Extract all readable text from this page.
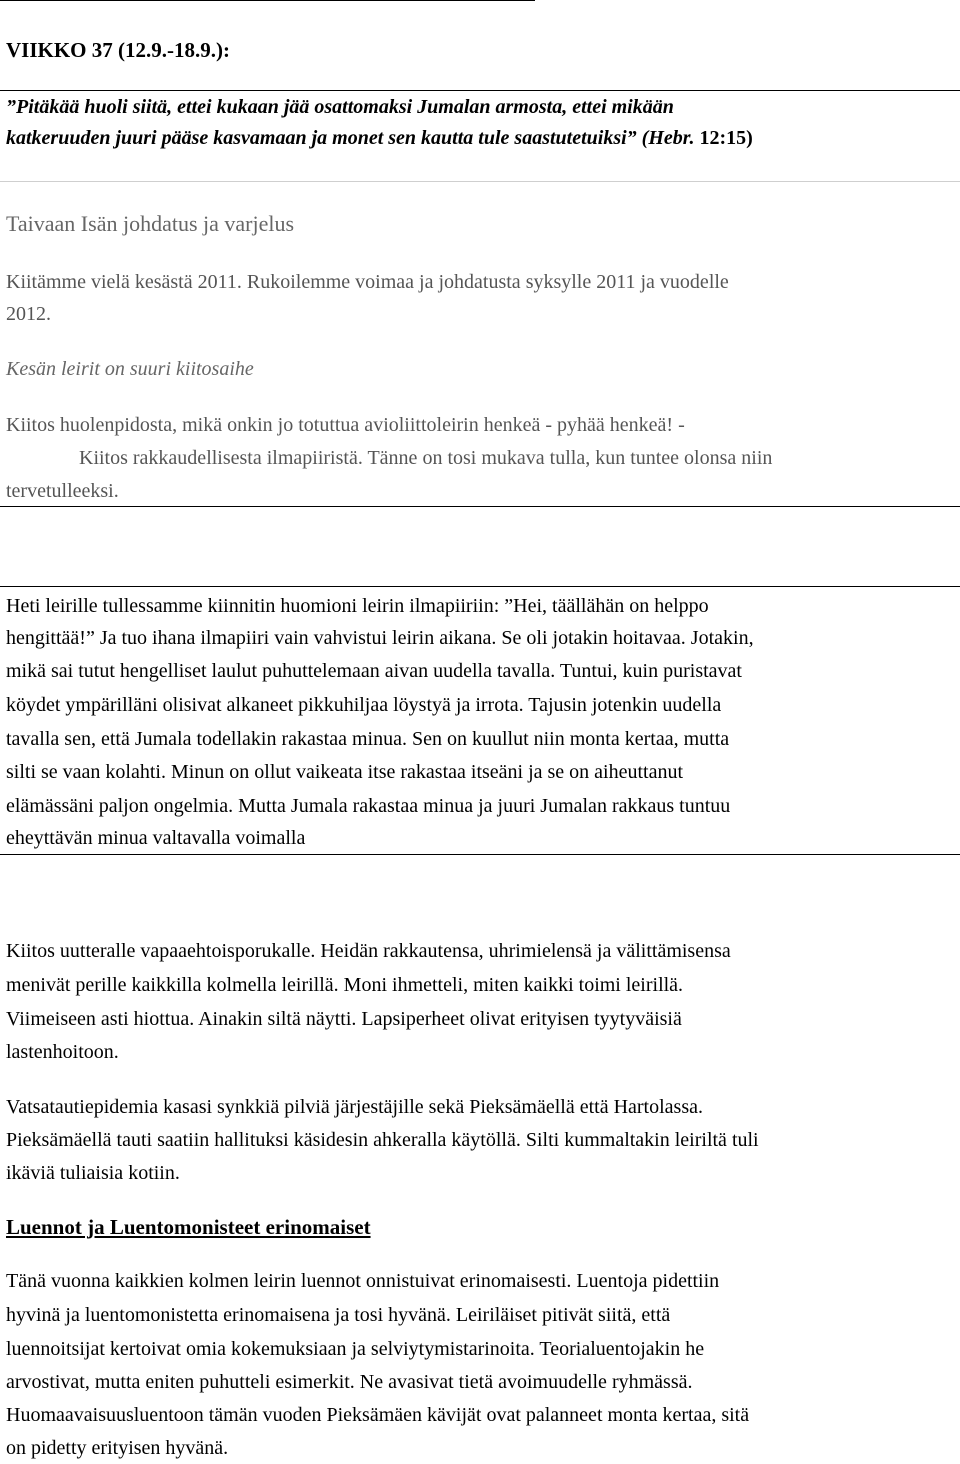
VIIKKO 37 (12.9.-18.9.):
”Pitäkää huoli siitä, ettei kukaan jää osattomaksi Jumalan armosta, ettei mikään
katkeruuden juuri pääse kasvamaan ja monet sen kautta tule saastutetuiksi” (Hebr. 12:15)
Taivaan Isän johdatus ja varjelus
Kiitämme vielä kesästä 2011. Rukoilemme voimaa ja johdatusta syksylle 2011 ja vuodelle
2012.
Kesän leirit on suuri kiitosaihe
Kiitos huolenpidosta, mikä onkin jo totuttua avioliittoleirin henkeä - pyhää henkeä! -
Kiitos rakkaudellisesta ilmapiiristä. Tänne on tosi mukava tulla, kun tuntee olonsa niin
tervetulleeksi.
Heti leirille tullessamme kiinnitin huomioni leirin ilmapiiriin: ”Hei, täällähän on helppo
hengittää!” Ja tuo ihana ilmapiiri vain vahvistui leirin aikana. Se oli jotakin hoitavaa. Jotakin,
mikä sai tutut hengelliset laulut puhuttelemaan aivan uudella tavalla. Tuntui, kuin puristavat
köydet ympärilläni olisivat alkaneet pikkuhiljaa löystyä ja irrota. Tajusin jotenkin uudella
tavalla sen, että Jumala todellakin rakastaa minua. Sen on kuullut niin monta kertaa, mutta
silti se vaan kolahti. Minun on ollut vaikeata itse rakastaa itseäni ja se on aiheuttanut
elämässäni paljon ongelmia. Mutta Jumala rakastaa minua ja juuri Jumalan rakkaus tuntuu
eheyttävän minua valtavalla voimalla
Kiitos uutteralle vapaaehtoisporukalle. Heidän rakkautensa, uhrimielensä ja välittämisensa
menivät perille kaikkilla kolmella leirillä. Moni ihmetteli, miten kaikki toimi leirillä.
Viimeiseen asti hiottua. Ainakin siltä näytti. Lapsiperheet olivat erityisen tyytyväisiä
lastenhoitoon.
Vatsatautiepidemia kasasi synkkiä pilviä järjestäjille sekä Pieksämäellä että Hartolassa.
Pieksämäellä tauti saatiin hallituksi käsidesin ahkeralla käytöllä. Silti kummaltakin leiriltä tuli
ikäviä tuliaisia kotiin.
Luennot ja Luentomonisteet erinomaiset
Tänä vuonna kaikkien kolmen leirin luennot onnistuivat erinomaisesti. Luentoja pidettiin
hyvinä ja luentomonistetta erinomaisena ja tosi hyvänä. Leiriläiset pitivät siitä, että
luennoitsijat kertoivat omia kokemuksiaan ja selviytymistarinoita. Teorialuentojakin he
arvostivat, mutta eniten puhutteli esimerkit. Ne avasivat tietä avoimuudelle ryhmässä.
Huomaavaisuusluentoon tämän vuoden Pieksämäen kävijät ovat palanneet monta kertaa, sitä
on pidetty erityisen hyvänä.
